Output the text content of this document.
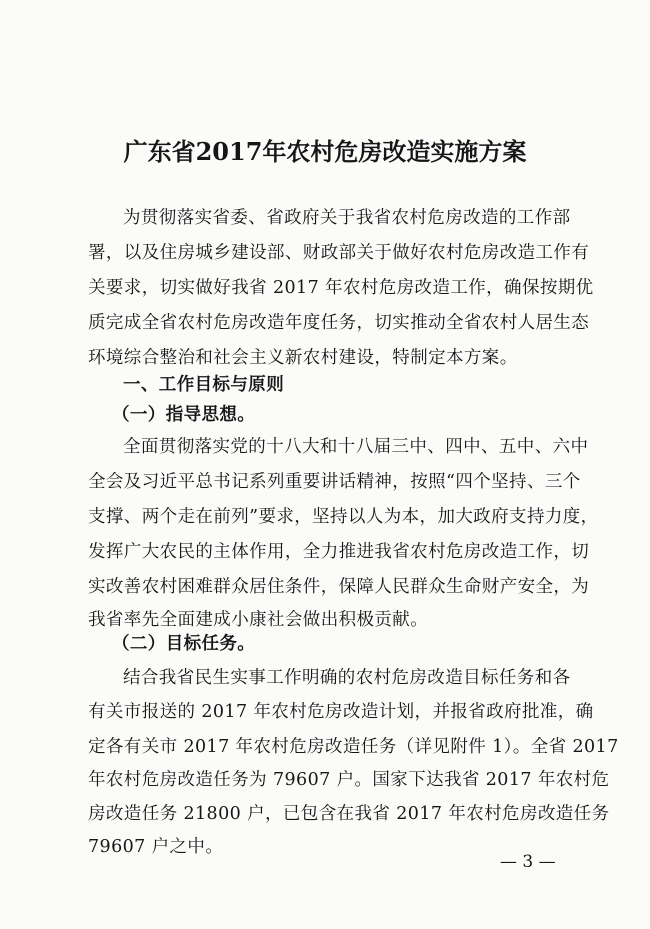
广东省2017年农村危房改造实施方案
为贯彻落实省委、省政府关于我省农村危房改造的工作部
署，以及住房城乡建设部、财政部关于做好农村危房改造工作有
关要求，切实做好我省 2017 年农村危房改造工作，确保按期优
质完成全省农村危房改造年度任务，切实推动全省农村人居生态
环境综合整治和社会主义新农村建设，特制定本方案。
一、工作目标与原则
（一）指导思想。
全面贯彻落实党的十八大和十八届三中、四中、五中、六中
全会及习近平总书记系列重要讲话精神，按照“四个坚持、三个
支撑、两个走在前列”要求，坚持以人为本，加大政府支持力度，
发挥广大农民的主体作用，全力推进我省农村危房改造工作，切
实改善农村困难群众居住条件，保障人民群众生命财产安全，为
我省率先全面建成小康社会做出积极贡献。
（二）目标任务。
结合我省民生实事工作明确的农村危房改造目标任务和各
有关市报送的 2017 年农村危房改造计划，并报省政府批准，确
定各有关市 2017 年农村危房改造任务（详见附件 1）。全省 2017
年农村危房改造任务为 79607 户。国家下达我省 2017 年农村危
房改造任务 21800 户，已包含在我省 2017 年农村危房改造任务
79607 户之中。
— 3 —
